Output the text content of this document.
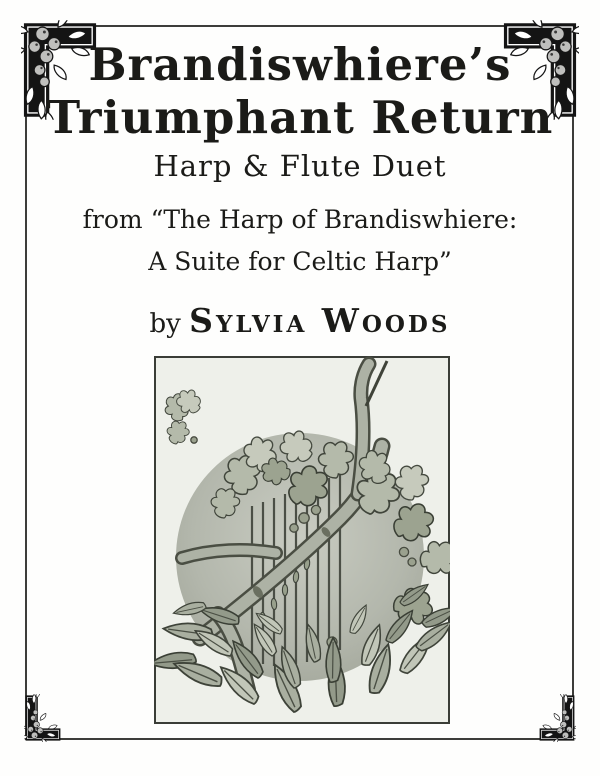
Brandiswhiere’s
Triumphant Return
Harp & Flute Duet
from “The Harp of Brandiswhiere:
A Suite for Celtic Harp”
by Sylvia Woods
